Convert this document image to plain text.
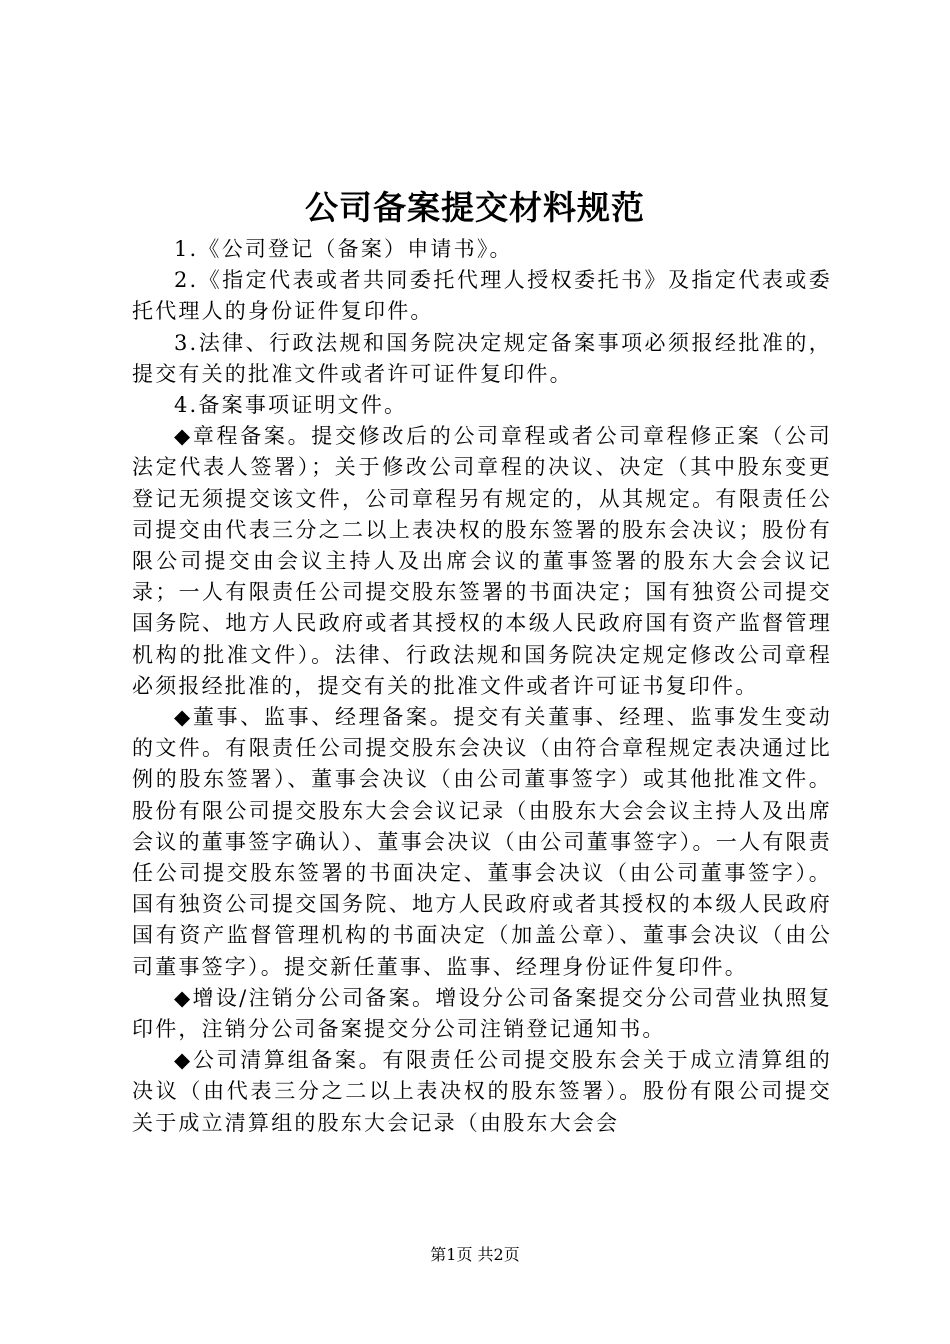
公司备案提交材料规范

1.《公司登记（备案）申请书》。

2.《指定代表或者共同委托代理人授权委托书》及指定代表或委托代理人的身份证件复印件。

3.法律、行政法规和国务院决定规定备案事项必须报经批准的，提交有关的批准文件或者许可证件复印件。

4.备案事项证明文件。

◆章程备案。提交修改后的公司章程或者公司章程修正案（公司法定代表人签署）；关于修改公司章程的决议、决定（其中股东变更登记无须提交该文件，公司章程另有规定的，从其规定。有限责任公司提交由代表三分之二以上表决权的股东签署的股东会决议；股份有限公司提交由会议主持人及出席会议的董事签署的股东大会会议记录；一人有限责任公司提交股东签署的书面决定；国有独资公司提交国务院、地方人民政府或者其授权的本级人民政府国有资产监督管理机构的批准文件）。法律、行政法规和国务院决定规定修改公司章程必须报经批准的，提交有关的批准文件或者许可证书复印件。

◆董事、监事、经理备案。提交有关董事、经理、监事发生变动的文件。有限责任公司提交股东会决议（由符合章程规定表决通过比例的股东签署）、董事会决议（由公司董事签字）或其他批准文件。股份有限公司提交股东大会会议记录（由股东大会会议主持人及出席会议的董事签字确认）、董事会决议（由公司董事签字）。一人有限责任公司提交股东签署的书面决定、董事会决议（由公司董事签字）。国有独资公司提交国务院、地方人民政府或者其授权的本级人民政府国有资产监督管理机构的书面决定（加盖公章）、董事会决议（由公司董事签字）。提交新任董事、监事、经理身份证件复印件。

◆增设/注销分公司备案。增设分公司备案提交分公司营业执照复印件，注销分公司备案提交分公司注销登记通知书。

◆公司清算组备案。有限责任公司提交股东会关于成立清算组的决议（由代表三分之二以上表决权的股东签署）。股份有限公司提交关于成立清算组的股东大会记录（由股东大会会

第1页 共2页
